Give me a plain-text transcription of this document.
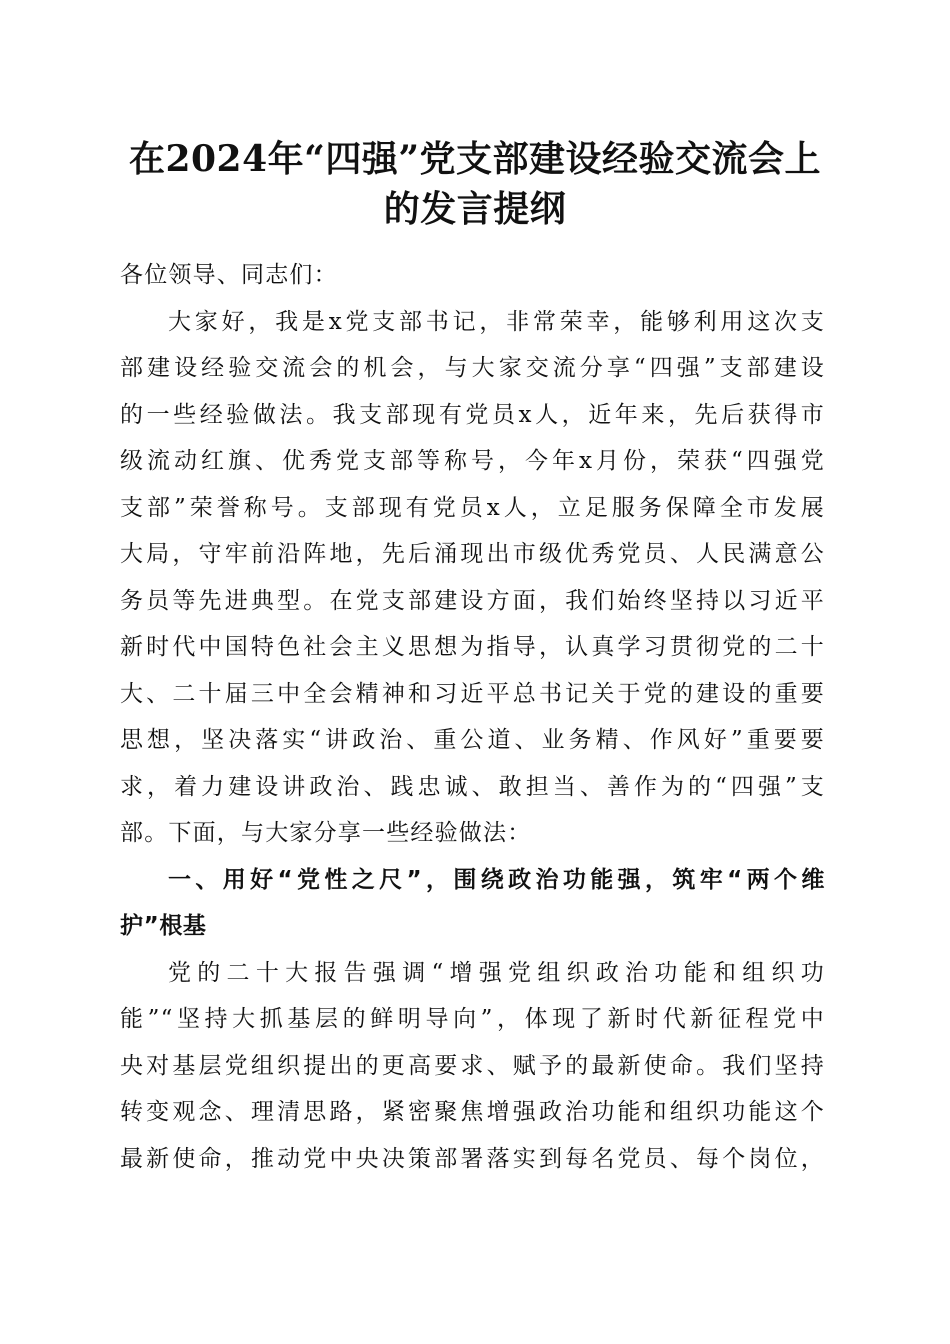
在2024年“四强”党支部建设经验交流会上
的发言提纲
各位领导、同志们：
大家好，我是x党支部书记，非常荣幸，能够利用这次支
部建设经验交流会的机会，与大家交流分享“四强”支部建设
的一些经验做法。我支部现有党员x人，近年来，先后获得市
级流动红旗、优秀党支部等称号，今年x月份，荣获“四强党
支部”荣誉称号。支部现有党员x人，立足服务保障全市发展
大局，守牢前沿阵地，先后涌现出市级优秀党员、人民满意公
务员等先进典型。在党支部建设方面，我们始终坚持以习近平
新时代中国特色社会主义思想为指导，认真学习贯彻党的二十
大、二十届三中全会精神和习近平总书记关于党的建设的重要
思想，坚决落实“讲政治、重公道、业务精、作风好”重要要
求，着力建设讲政治、践忠诚、敢担当、善作为的“四强”支
部。下面，与大家分享一些经验做法：
一、用好“党性之尺”，围绕政治功能强，筑牢“两个维
护”根基
党的二十大报告强调“增强党组织政治功能和组织功
能”“坚持大抓基层的鲜明导向”，体现了新时代新征程党中
央对基层党组织提出的更高要求、赋予的最新使命。我们坚持
转变观念、理清思路，紧密聚焦增强政治功能和组织功能这个
最新使命，推动党中央决策部署落实到每名党员、每个岗位，
